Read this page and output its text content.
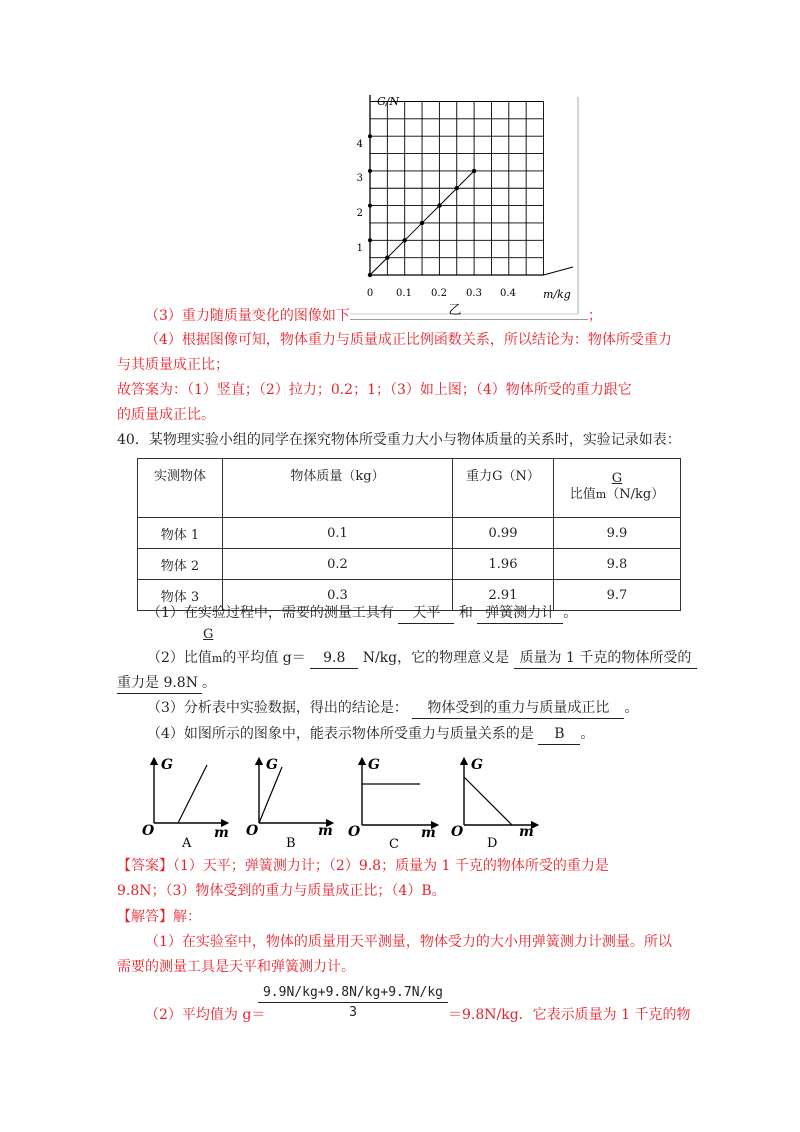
G/N
m/kg
4
3
2
1
0 0.1 0.2 0.3 0.4
乙
（3）重力随质量变化的图像如下	；
（4）根据图像可知，物体重力与质量成正比例函数关系，所以结论为：物体所受重力
与其质量成正比；
故答案为：（1）竖直；（2）拉力；0.2；1；（3）如上图；（4）物体所受的重力跟它
的质量成正比。
40．某物理实验小组的同学在探究物体所受重力大小与物体质量的关系时，实验记录如表：
实测物体	物体质量（kg）	重力G（N）	G
比值m（N/kg）

物体 1	0.1	0.99	9.9
物体 2	0.2	1.96	9.8
物体 3	0.3	2.91	9.7
（1）在实验过程中，需要的测量工具有 天平 和 弹簧测力计 。
G
（2）比值m的平均值 g＝ 9.8 N/kg，它的物理意义是 质量为 1 千克的物体所受的
重力是 9.8N 。
（3）分析表中实验数据，得出的结论是： 物体受到的重力与质量成正比 。
（4）如图所示的图象中，能表示物体所受重力与质量关系的是 B 。
G
O	m
A
G
O	m
B
G
O	m
C
G
O	m
D
【答案】（1）天平；弹簧测力计；（2）9.8；质量为 1 千克的物体所受的重力是
9.8N；（3）物体受到的重力与质量成正比；（4）B。
【解答】解：
（1）在实验室中，物体的质量用天平测量，物体受力的大小用弹簧测力计测量。所以
需要的测量工具是天平和弹簧测力计。
$\frac{9.9N/kg+9.8N/kg+9.7N/kg}{3}$
（2）平均值为 g＝	＝9.8N/kg．它表示质量为 1 千克的物
